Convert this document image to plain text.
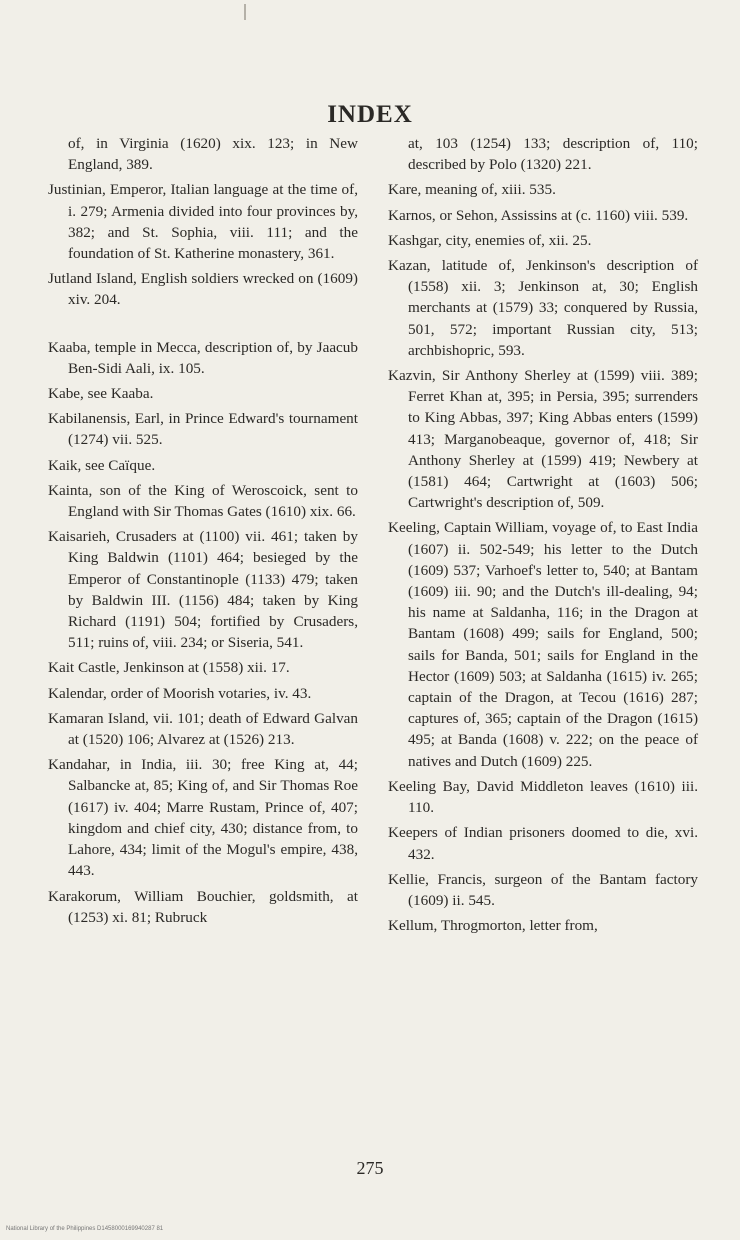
INDEX

of, in Virginia (1620) xix. 123; in New England, 389.

Justinian, Emperor, Italian language at the time of, i. 279; Armenia divided into four provinces by, 382; and St. Sophia, viii. 111; and the foundation of St. Katherine monastery, 361.

Jutland Island, English soldiers wrecked on (1609) xiv. 204.

Kaaba, temple in Mecca, description of, by Jaacub Ben-Sidi Aali, ix. 105.

Kabe, see Kaaba.

Kabilanensis, Earl, in Prince Edward's tournament (1274) vii. 525.

Kaik, see Caïque.

Kainta, son of the King of Weroscoick, sent to England with Sir Thomas Gates (1610) xix. 66.

Kaisarieh, Crusaders at (1100) vii. 461; taken by King Baldwin (1101) 464; besieged by the Emperor of Constantinople (1133) 479; taken by Baldwin III. (1156) 484; taken by King Richard (1191) 504; fortified by Crusaders, 511; ruins of, viii. 234; or Siseria, 541.

Kait Castle, Jenkinson at (1558) xii. 17.

Kalendar, order of Moorish votaries, iv. 43.

Kamaran Island, vii. 101; death of Edward Galvan at (1520) 106; Alvarez at (1526) 213.

Kandahar, in India, iii. 30; free King at, 44; Salbancke at, 85; King of, and Sir Thomas Roe (1617) iv. 404; Marre Rustam, Prince of, 407; kingdom and chief city, 430; distance from, to Lahore, 434; limit of the Mogul's empire, 438, 443.

Karakorum, William Bouchier, goldsmith, at (1253) xi. 81; Rubruck

at, 103 (1254) 133; description of, 110; described by Polo (1320) 221.

Kare, meaning of, xiii. 535.

Karnos, or Sehon, Assissins at (c. 1160) viii. 539.

Kashgar, city, enemies of, xii. 25.

Kazan, latitude of, Jenkinson's description of (1558) xii. 3; Jenkinson at, 30; English merchants at (1579) 33; conquered by Russia, 501, 572; important Russian city, 513; archbishopric, 593.

Kazvin, Sir Anthony Sherley at (1599) viii. 389; Ferret Khan at, 395; in Persia, 395; surrenders to King Abbas, 397; King Abbas enters (1599) 413; Marganobeaque, governor of, 418; Sir Anthony Sherley at (1599) 419; Newbery at (1581) 464; Cartwright at (1603) 506; Cartwright's description of, 509.

Keeling, Captain William, voyage of, to East India (1607) ii. 502-549; his letter to the Dutch (1609) 537; Varhoef's letter to, 540; at Bantam (1609) iii. 90; and the Dutch's ill-dealing, 94; his name at Saldanha, 116; in the Dragon at Bantam (1608) 499; sails for England, 500; sails for Banda, 501; sails for England in the Hector (1609) 503; at Saldanha (1615) iv. 265; captain of the Dragon, at Tecou (1616) 287; captures of, 365; captain of the Dragon (1615) 495; at Banda (1608) v. 222; on the peace of natives and Dutch (1609) 225.

Keeling Bay, David Middleton leaves (1610) iii. 110.

Keepers of Indian prisoners doomed to die, xvi. 432.

Kellie, Francis, surgeon of the Bantam factory (1609) ii. 545.

Kellum, Throgmorton, letter from,

275
National Library of the Philippines D1458000169940287 81
